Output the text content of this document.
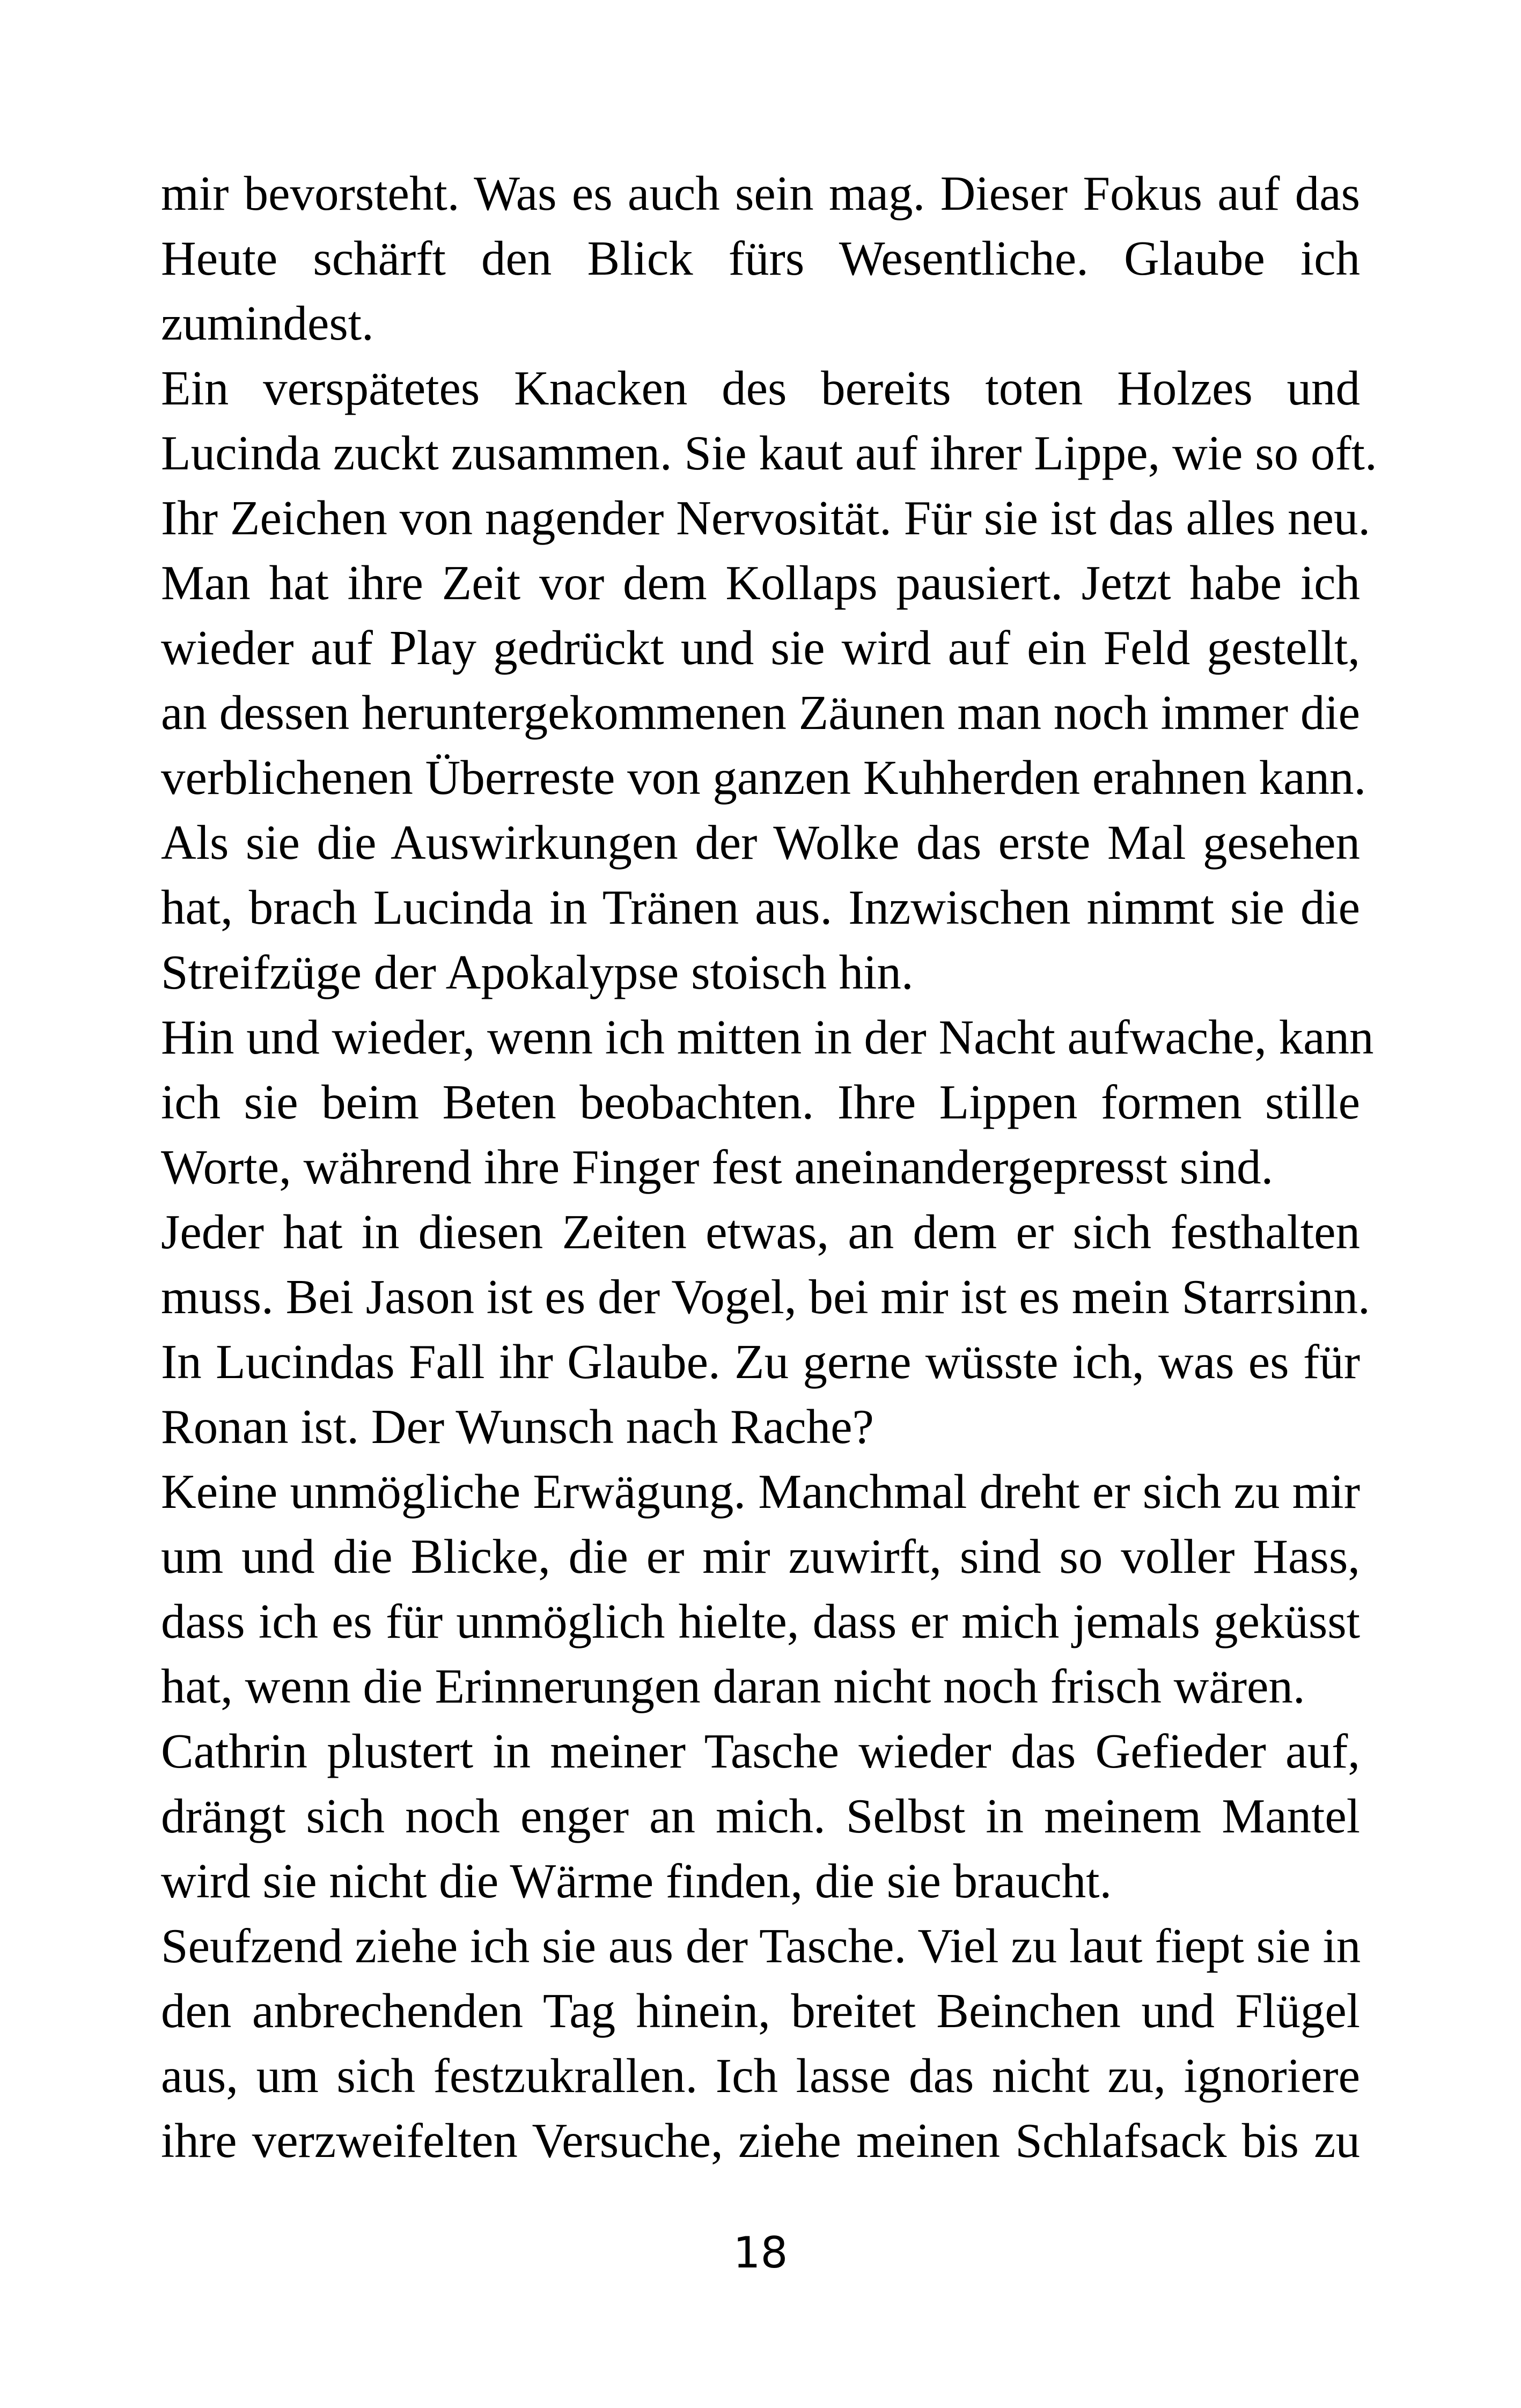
mir bevorsteht. Was es auch sein mag. Dieser Fokus auf das
Heute schärft den Blick fürs Wesentliche. Glaube ich
zumindest.
Ein verspätetes Knacken des bereits toten Holzes und
Lucinda zuckt zusammen. Sie kaut auf ihrer Lippe, wie so oft.
Ihr Zeichen von nagender Nervosität. Für sie ist das alles neu.
Man hat ihre Zeit vor dem Kollaps pausiert. Jetzt habe ich
wieder auf Play gedrückt und sie wird auf ein Feld gestellt,
an dessen heruntergekommenen Zäunen man noch immer die
verblichenen Überreste von ganzen Kuhherden erahnen kann.
Als sie die Auswirkungen der Wolke das erste Mal gesehen
hat, brach Lucinda in Tränen aus. Inzwischen nimmt sie die
Streifzüge der Apokalypse stoisch hin.
Hin und wieder, wenn ich mitten in der Nacht aufwache, kann
ich sie beim Beten beobachten. Ihre Lippen formen stille
Worte, während ihre Finger fest aneinandergepresst sind.
Jeder hat in diesen Zeiten etwas, an dem er sich festhalten
muss. Bei Jason ist es der Vogel, bei mir ist es mein Starrsinn.
In Lucindas Fall ihr Glaube. Zu gerne wüsste ich, was es für
Ronan ist. Der Wunsch nach Rache?
Keine unmögliche Erwägung. Manchmal dreht er sich zu mir
um und die Blicke, die er mir zuwirft, sind so voller Hass,
dass ich es für unmöglich hielte, dass er mich jemals geküsst
hat, wenn die Erinnerungen daran nicht noch frisch wären.
Cathrin plustert in meiner Tasche wieder das Gefieder auf,
drängt sich noch enger an mich. Selbst in meinem Mantel
wird sie nicht die Wärme finden, die sie braucht.
Seufzend ziehe ich sie aus der Tasche. Viel zu laut fiept sie in
den anbrechenden Tag hinein, breitet Beinchen und Flügel
aus, um sich festzukrallen. Ich lasse das nicht zu, ignoriere
ihre verzweifelten Versuche, ziehe meinen Schlafsack bis zu
18
